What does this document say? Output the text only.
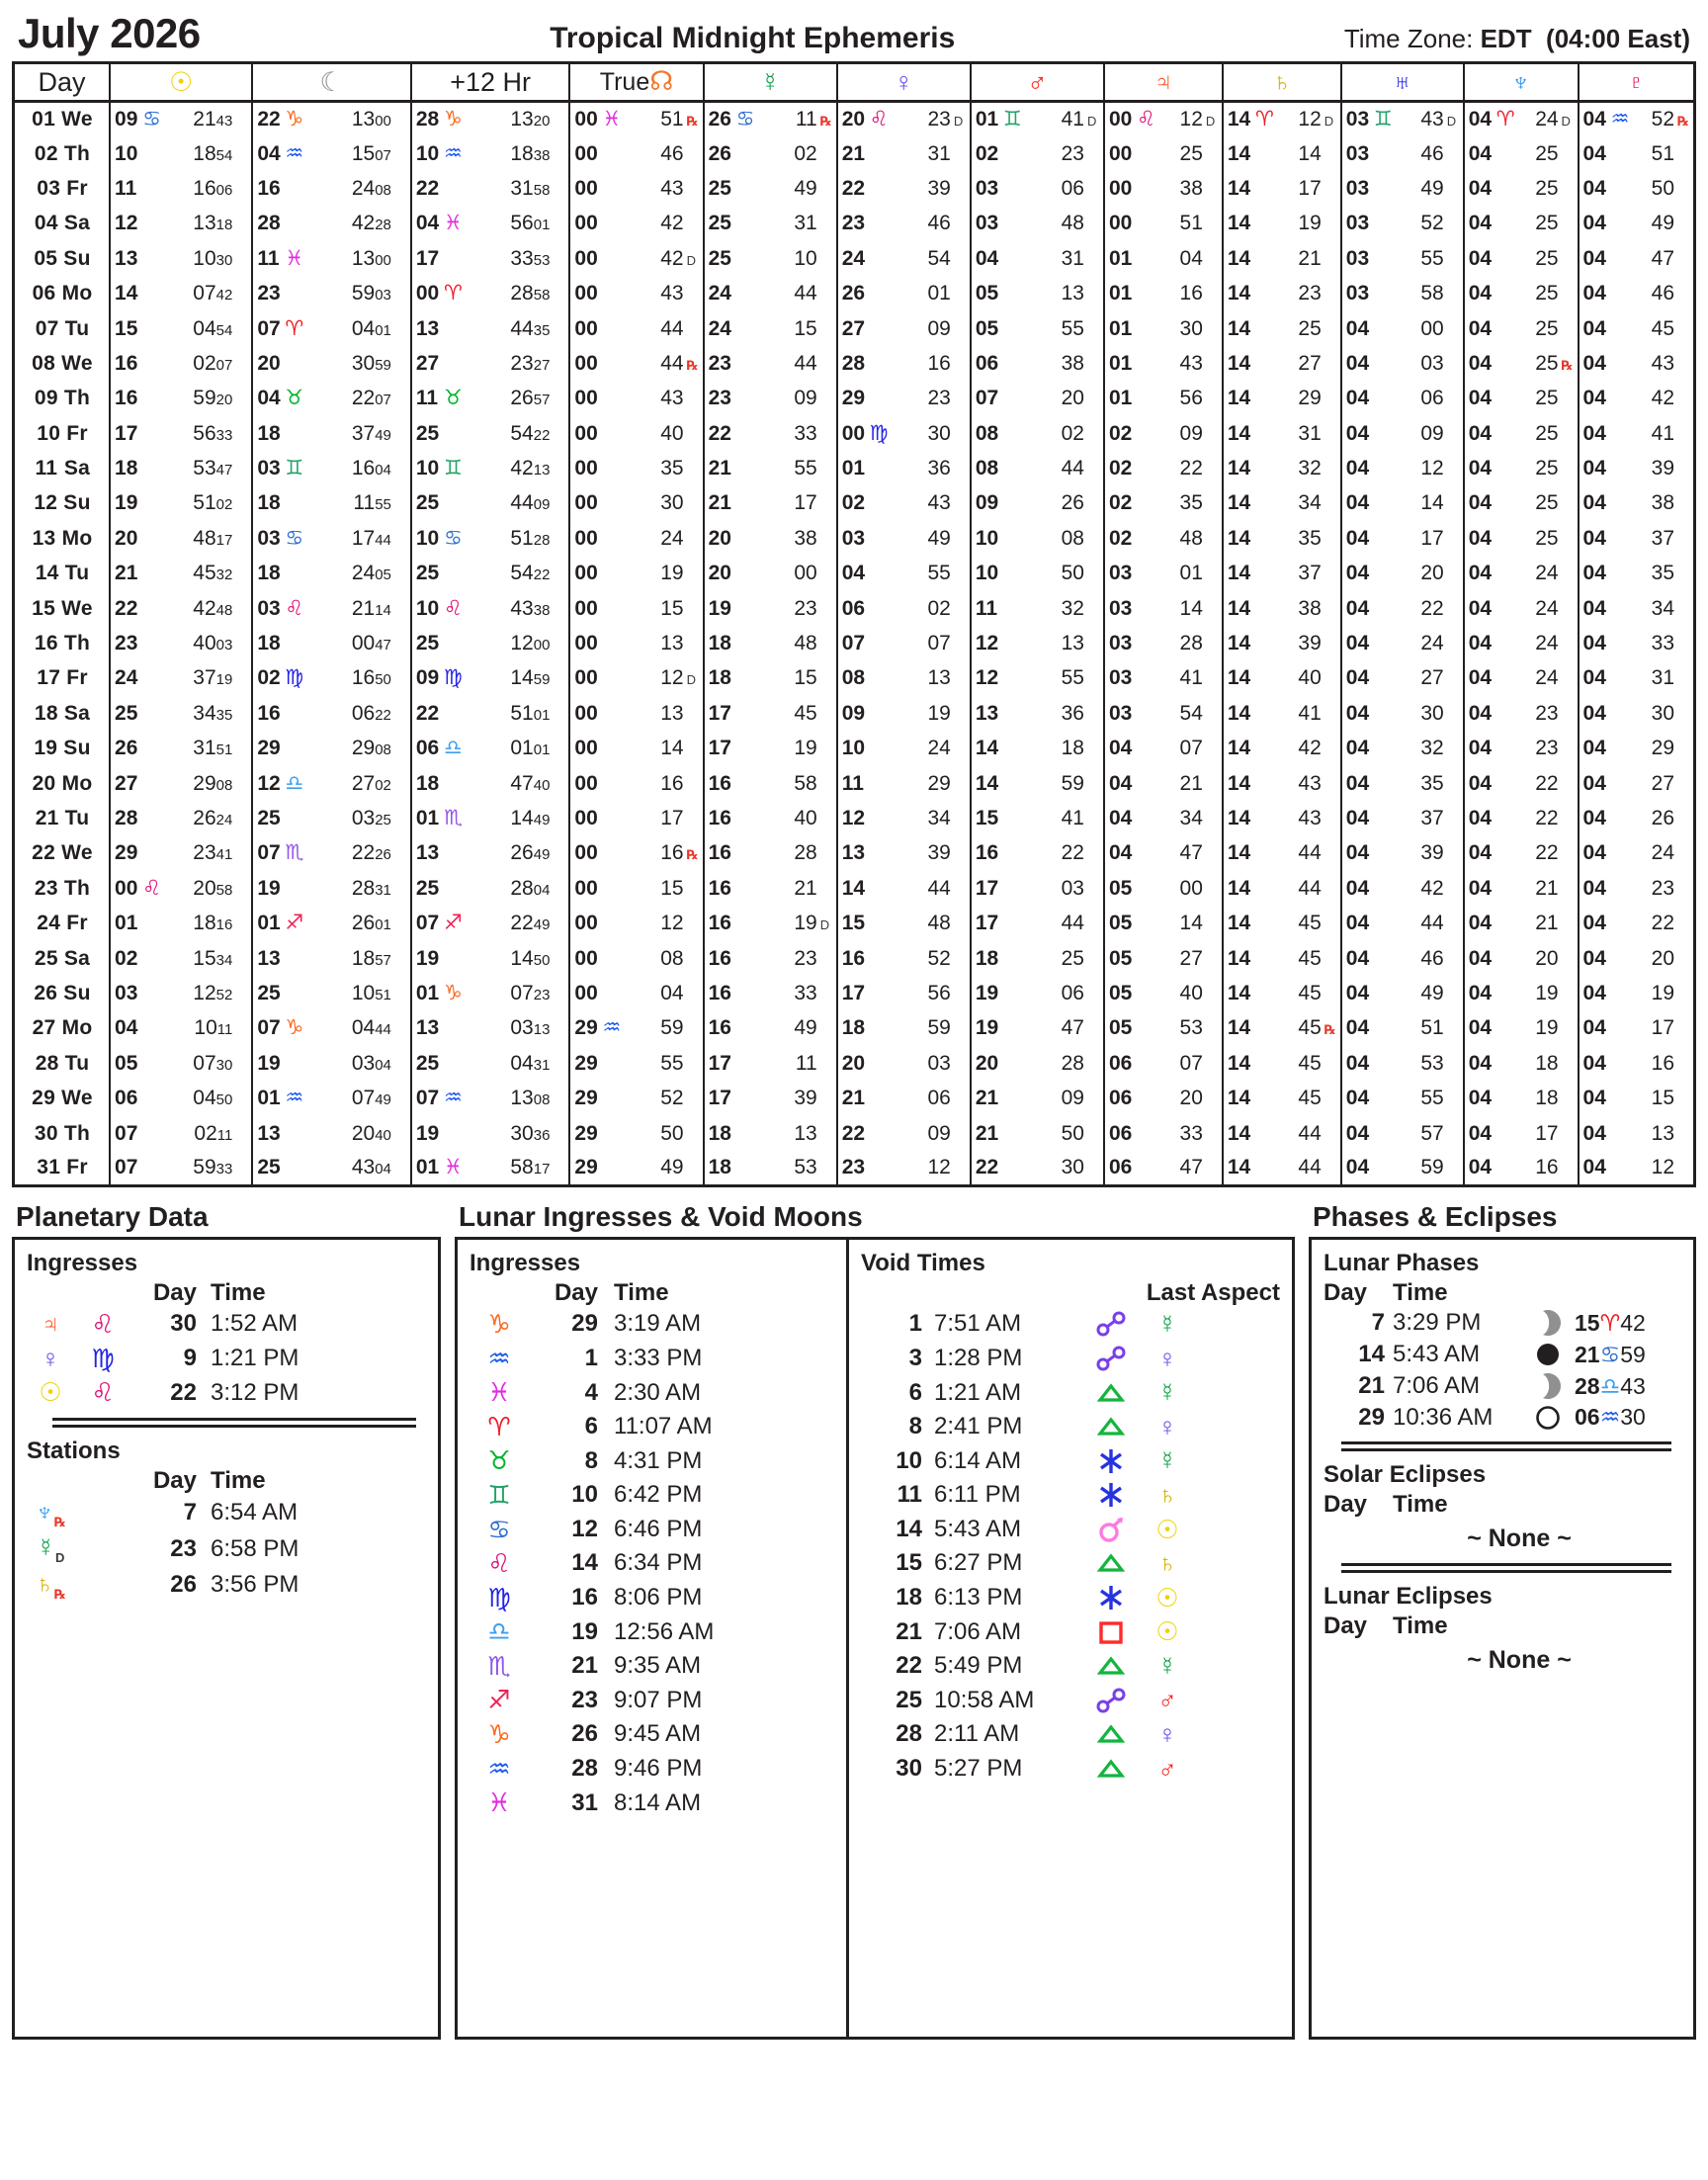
July 2026	Tropical Midnight Ephemeris	Time Zone: EDT (04:00 East)
Day	☉	☾	+12 Hr	True☊	☿	♀	♂	♃	♄	♅	♆	♇
01 We	09 ♋ 21 43	22 ♑ 13 00	28 ♑ 13 20	00 ♓ 51 ℞	26 ♋ 11 ℞	20 ♌ 23 D	01 ♊ 41 D	00 ♌ 12 D	14 ♈ 12 D	03 ♊ 43 D	04 ♈ 24 D	04 ♒ 52 ℞

02 Th	10 18 54	04 ♒ 15 07	10 ♒ 18 38	00 46	26 02	21 31	02 23	00 25	14 14	03 46	04 25	04 51

03 Fr	11 16 06	16 24 08	22 31 58	00 43	25 49	22 39	03 06	00 38	14 17	03 49	04 25	04 50

04 Sa	12 13 18	28 42 28	04 ♓ 56 01	00 42	25 31	23 46	03 48	00 51	14 19	03 52	04 25	04 49

05 Su	13 10 30	11 ♓ 13 00	17 33 53	00 42 D	25 10	24 54	04 31	01 04	14 21	03 55	04 25	04 47

06 Mo	14 07 42	23 59 03	00 ♈ 28 58	00 43	24 44	26 01	05 13	01 16	14 23	03 58	04 25	04 46

07 Tu	15 04 54	07 ♈ 04 01	13 44 35	00 44	24 15	27 09	05 55	01 30	14 25	04 00	04 25	04 45

08 We	16 02 07	20 30 59	27 23 27	00 44 ℞	23 44	28 16	06 38	01 43	14 27	04 03	04 25 ℞	04 43

09 Th	16 59 20	04 ♉ 22 07	11 ♉ 26 57	00 43	23 09	29 23	07 20	01 56	14 29	04 06	04 25	04 42

10 Fr	17 56 33	18 37 49	25 54 22	00 40	22 33	00 ♍ 30	08 02	02 09	14 31	04 09	04 25	04 41

11 Sa	18 53 47	03 ♊ 16 04	10 ♊ 42 13	00 35	21 55	01 36	08 44	02 22	14 32	04 12	04 25	04 39

12 Su	19 51 02	18 11 55	25 44 09	00 30	21 17	02 43	09 26	02 35	14 34	04 14	04 25	04 38

13 Mo	20 48 17	03 ♋ 17 44	10 ♋ 51 28	00 24	20 38	03 49	10 08	02 48	14 35	04 17	04 25	04 37

14 Tu	21 45 32	18 24 05	25 54 22	00 19	20 00	04 55	10 50	03 01	14 37	04 20	04 24	04 35

15 We	22 42 48	03 ♌ 21 14	10 ♌ 43 38	00 15	19 23	06 02	11 32	03 14	14 38	04 22	04 24	04 34

16 Th	23 40 03	18 00 47	25 12 00	00 13	18 48	07 07	12 13	03 28	14 39	04 24	04 24	04 33

17 Fr	24 37 19	02 ♍ 16 50	09 ♍ 14 59	00 12 D	18 15	08 13	12 55	03 41	14 40	04 27	04 24	04 31

18 Sa	25 34 35	16 06 22	22 51 01	00 13	17 45	09 19	13 36	03 54	14 41	04 30	04 23	04 30

19 Su	26 31 51	29 29 08	06 ♎ 01 01	00 14	17 19	10 24	14 18	04 07	14 42	04 32	04 23	04 29

20 Mo	27 29 08	12 ♎ 27 02	18 47 40	00 16	16 58	11 29	14 59	04 21	14 43	04 35	04 22	04 27

21 Tu	28 26 24	25 03 25	01 ♏ 14 49	00 17	16 40	12 34	15 41	04 34	14 43	04 37	04 22	04 26

22 We	29 23 41	07 ♏ 22 26	13 26 49	00 16 ℞	16 28	13 39	16 22	04 47	14 44	04 39	04 22	04 24

23 Th	00 ♌ 20 58	19 28 31	25 28 04	00 15	16 21	14 44	17 03	05 00	14 44	04 42	04 21	04 23

24 Fr	01 18 16	01 ♐ 26 01	07 ♐ 22 49	00 12	16 19 D	15 48	17 44	05 14	14 45	04 44	04 21	04 22

25 Sa	02 15 34	13 18 57	19 14 50	00 08	16 23	16 52	18 25	05 27	14 45	04 46	04 20	04 20

26 Su	03 12 52	25 10 51	01 ♑ 07 23	00 04	16 33	17 56	19 06	05 40	14 45	04 49	04 19	04 19

27 Mo	04 10 11	07 ♑ 04 44	13 03 13	29 ♒ 59	16 49	18 59	19 47	05 53	14 45 ℞	04 51	04 19	04 17

28 Tu	05 07 30	19 03 04	25 04 31	29 55	17 11	20 03	20 28	06 07	14 45	04 53	04 18	04 16

29 We	06 04 50	01 ♒ 07 49	07 ♒ 13 08	29 52	17 39	21 06	21 09	06 20	14 45	04 55	04 18	04 15

30 Th	07 02 11	13 20 40	19 30 36	29 50	18 13	22 09	21 50	06 33	14 44	04 57	04 17	04 13

31 Fr	07 59 33	25 43 04	01 ♓ 58 17	29 49	18 53	23 12	22 30	06 47	14 44	04 59	04 16	04 12
Planetary Data
Ingresses
Day Time
♃	♌	30 1:52 AM
♀	♍	9 1:21 PM
☉	♌	22 3:12 PM
Stations
Day Time
$♆_℞$	7 6:54 AM
$☿_D$	23 6:58 PM
$♄_℞$	26 3:56 PM
Lunar Ingresses & Void Moons
Ingresses
Day Time
♑	29 3:19 AM
♒	1 3:33 PM
♓	4 2:30 AM
♈	6 11:07 AM
♉	8 4:31 PM
♊	10 6:42 PM
♋	12 6:46 PM
♌	14 6:34 PM
♍	16 8:06 PM
♎	19 12:56 AM
♏	21 9:35 AM
♐	23 9:07 PM
♑	26 9:45 AM
♒	28 9:46 PM
♓	31 8:14 AM
Void Times
Last Aspect
1 7:51 AM	☿
3 1:28 PM	♀
6 1:21 AM	☿
8 2:41 PM	♀
10 6:14 AM	☿
11 6:11 PM	♄
14 5:43 AM	☉
15 6:27 PM	♄
18 6:13 PM	☉
21 7:06 AM	☉
22 5:49 PM	☿
25 10:58 AM	♂
28 2:11 AM	♀
30 5:27 PM	♂
Phases & Eclipses
Lunar Phases
Day	Time
7 3:29 PM	15♈42
14 5:43 AM	21♋59
21 7:06 AM	28♎43
29 10:36 AM	06♒30
Solar Eclipses
Day	Time
~ None ~
Lunar Eclipses
Day	Time
~ None ~
